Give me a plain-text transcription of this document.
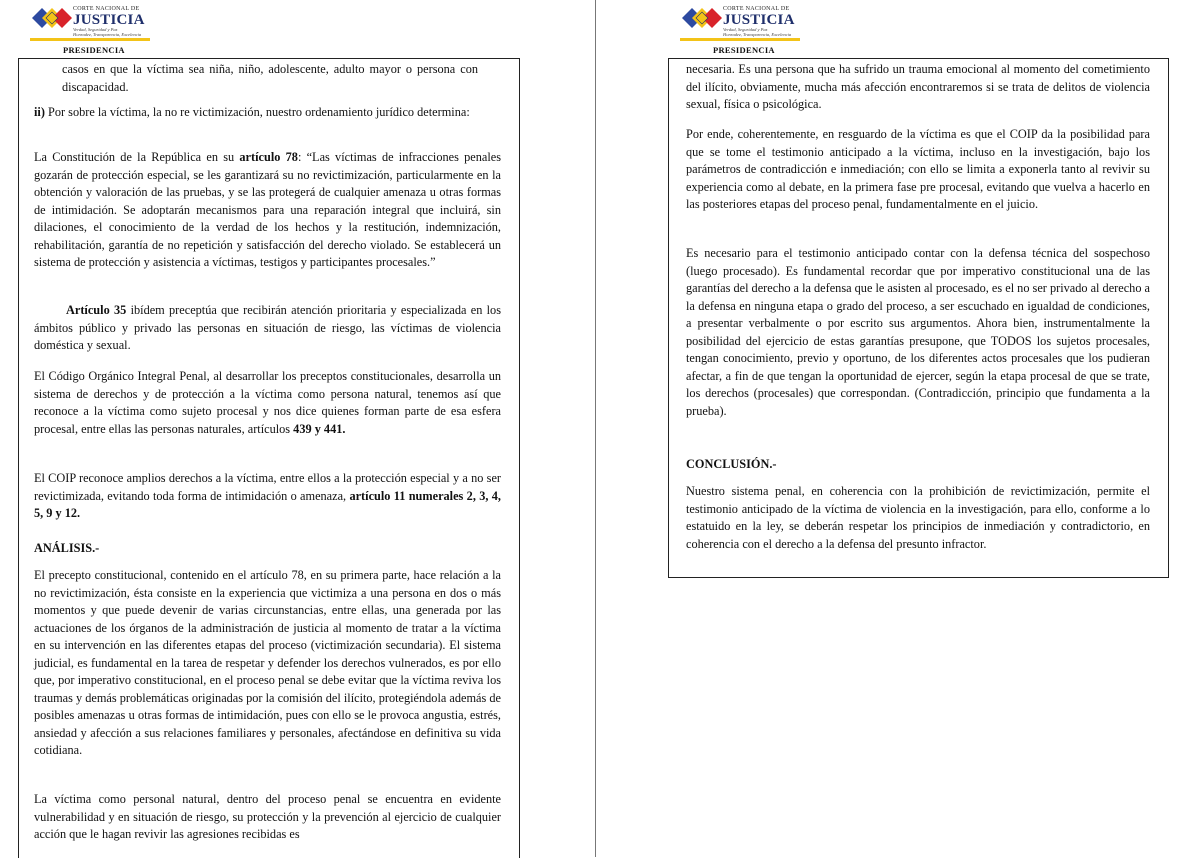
CORTE NACIONAL DE
JUSTICIA
Verdad, Seguridad y Paz
Honradez, Transparencia, Excelencia
PRESIDENCIA

casos en que la víctima sea niña, niño, adolescente, adulto mayor o persona con discapacidad.

ii) Por sobre la víctima, la no re victimización, nuestro ordenamiento jurídico determina:

La Constitución de la República en su artículo 78: “Las víctimas de infracciones penales gozarán de protección especial, se les garantizará su no revictimización, particularmente en la obtención y valoración de las pruebas, y se las protegerá de cualquier amenaza u otras formas de intimidación. Se adoptarán mecanismos para una reparación integral que incluirá, sin dilaciones, el conocimiento de la verdad de los hechos y la restitución, indemnización, rehabilitación, garantía de no repetición y satisfacción del derecho violado. Se establecerá un sistema de protección y asistencia a víctimas, testigos y participantes procesales.”

Artículo 35 ibídem preceptúa que recibirán atención prioritaria y especializada en los ámbitos público y privado las personas en situación de riesgo, las víctimas de violencia doméstica y sexual.

El Código Orgánico Integral Penal, al desarrollar los preceptos constitucionales, desarrolla un sistema de derechos y de protección a la víctima como persona natural, tenemos así que reconoce a la víctima como sujeto procesal y nos dice quienes forman parte de esa esfera procesal, entre ellas las personas naturales, artículos 439 y 441.

El COIP reconoce amplios derechos a la víctima, entre ellos a la protección especial y a no ser revictimizada, evitando toda forma de intimidación o amenaza, artículo 11 numerales 2, 3, 4, 5, 9 y 12.

ANÁLISIS.-

El precepto constitucional, contenido en el artículo 78, en su primera parte, hace relación a la no revictimización, ésta consiste en la experiencia que victimiza a una persona en dos o más momentos y que puede devenir de varias circunstancias, entre ellas, una generada por las actuaciones de los órganos de la administración de justicia al momento de tratar a la víctima en su intervención en las diferentes etapas del proceso (victimización secundaria). El sistema judicial, es fundamental en la tarea de respetar y defender los derechos vulnerados, es por ello que, por imperativo constitucional, en el proceso penal se debe evitar que la víctima reviva los traumas y demás problemáticas originadas por la comisión del ilícito, protegiéndola además de posibles amenazas u otras formas de intimidación, pues con ello se le provoca angustia, estrés, ansiedad y afección a sus relaciones familiares y personales, afectándose en definitiva su vida cotidiana.

La víctima como personal natural, dentro del proceso penal se encuentra en evidente vulnerabilidad y en situación de riesgo, su protección y la prevención al ejercicio de cualquier acción que le hagan revivir las agresiones recibidas es

CORTE NACIONAL DE
JUSTICIA
Verdad, Seguridad y Paz
Honradez, Transparencia, Excelencia
PRESIDENCIA

necesaria. Es una persona que ha sufrido un trauma emocional al momento del cometimiento del ilícito, obviamente, mucha más afección encontraremos si se trata de delitos de violencia sexual, física o psicológica.

Por ende, coherentemente, en resguardo de la víctima es que el COIP da la posibilidad para que se tome el testimonio anticipado a la víctima, incluso en la investigación, bajo los parámetros de contradicción e inmediación; con ello se limita a exponerla tanto al revivir su experiencia como al debate, en la primera fase pre procesal, evitando que vuelva a hacerlo en las posteriores etapas del proceso penal, fundamentalmente en el juicio.

Es necesario para el testimonio anticipado contar con la defensa técnica del sospechoso (luego procesado). Es fundamental recordar que por imperativo constitucional una de las garantías del derecho a la defensa que le asisten al procesado, es el no ser privado al derecho a la defensa en ninguna etapa o grado del proceso, a ser escuchado en igualdad de condiciones, a presentar verbalmente o por escrito sus argumentos. Ahora bien, instrumentalmente la posibilidad del ejercicio de estas garantías presupone, que TODOS los sujetos procesales, tengan conocimiento, previo y oportuno, de los diferentes actos procesales que los pudieran afectar, a fin de que tengan la oportunidad de ejercer, según la etapa procesal de que se trate, los derechos (procesales) que correspondan. (Contradicción, principio que fundamenta a la prueba).

CONCLUSIÓN.-

Nuestro sistema penal, en coherencia con la prohibición de revictimización, permite el testimonio anticipado de la víctima de violencia en la investigación, para ello, conforme a lo estatuido en la ley, se deberán respetar los principios de inmediación y contradictorio, en coherencia con el derecho a la defensa del presunto infractor.
